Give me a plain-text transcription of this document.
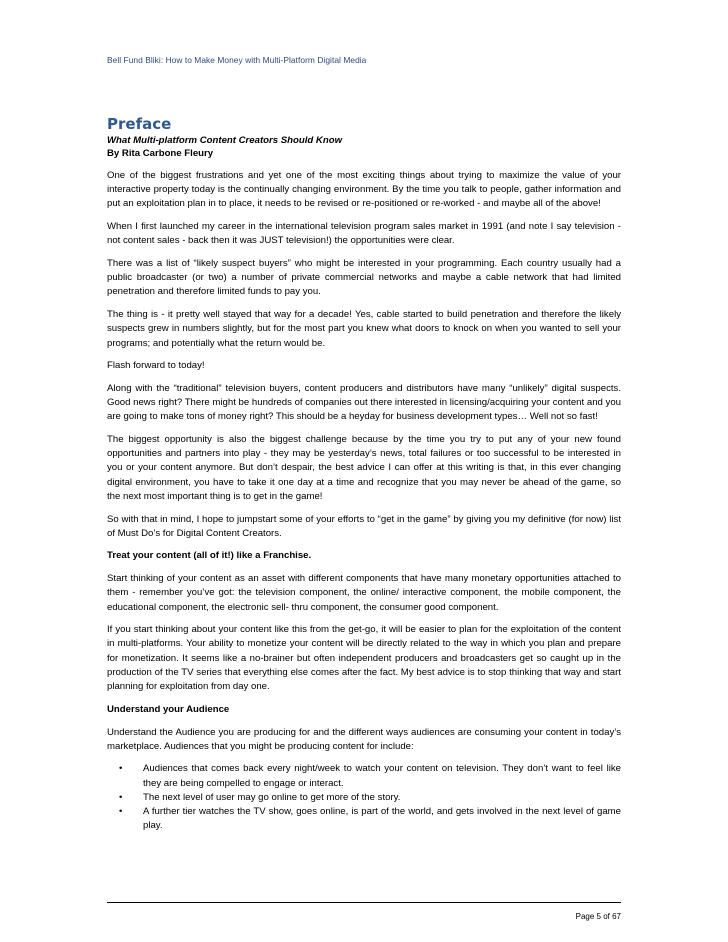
Bell Fund Bliki: How to Make Money with Multi-Platform Digital Media
Preface

What Multi-platform Content Creators Should Know

By Rita Carbone Fleury

One of the biggest frustrations and yet one of the most exciting things about trying to maximize the value of your interactive property today is the continually changing environment. By the time you talk to people, gather information and put an exploitation plan in to place, it needs to be revised or re-positioned or re-worked - and maybe all of the above!

When I first launched my career in the international television program sales market in 1991 (and note I say television - not content sales - back then it was JUST television!) the opportunities were clear.

There was a list of “likely suspect buyers” who might be interested in your programming. Each country usually had a public broadcaster (or two) a number of private commercial networks and maybe a cable network that had limited penetration and therefore limited funds to pay you.

The thing is - it pretty well stayed that way for a decade! Yes, cable started to build penetration and therefore the likely suspects grew in numbers slightly, but for the most part you knew what doors to knock on when you wanted to sell your programs; and potentially what the return would be.

Flash forward to today!

Along with the “traditional” television buyers, content producers and distributors have many “unlikely” digital suspects. Good news right? There might be hundreds of companies out there interested in licensing/acquiring your content and you are going to make tons of money right? This should be a heyday for business development types… Well not so fast!

The biggest opportunity is also the biggest challenge because by the time you try to put any of your new found opportunities and partners into play - they may be yesterday’s news, total failures or too successful to be interested in you or your content anymore. But don’t despair, the best advice I can offer at this writing is that, in this ever changing digital environment, you have to take it one day at a time and recognize that you may never be ahead of the game, so the next most important thing is to get in the game!

So with that in mind, I hope to jumpstart some of your efforts to “get in the game” by giving you my definitive (for now) list of Must Do’s for Digital Content Creators.

Treat your content (all of it!) like a Franchise.

Start thinking of your content as an asset with different components that have many monetary opportunities attached to them - remember you’ve got: the television component, the online/ interactive component, the mobile component, the educational component, the electronic sell- thru component, the consumer good component.

If you start thinking about your content like this from the get-go, it will be easier to plan for the exploitation of the content in multi-platforms. Your ability to monetize your content will be directly related to the way in which you plan and prepare for monetization. It seems like a no-brainer but often independent producers and broadcasters get so caught up in the production of the TV series that everything else comes after the fact. My best advice is to stop thinking that way and start planning for exploitation from day one.

Understand your Audience

Understand the Audience you are producing for and the different ways audiences are consuming your content in today’s marketplace. Audiences that you might be producing content for include:

• Audiences that comes back every night/week to watch your content on television. They don’t want to feel like they are being compelled to engage or interact.
• The next level of user may go online to get more of the story.
• A further tier watches the TV show, goes online, is part of the world, and gets involved in the next level of game play.
Page 5 of 67
